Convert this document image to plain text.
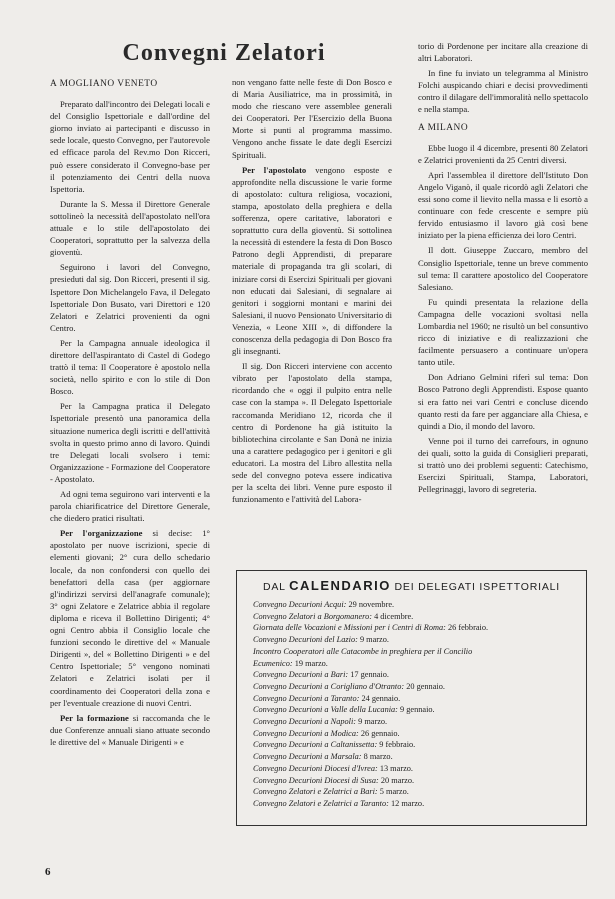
Convegni Zelatori
A MOGLIANO VENETO

Preparato dall'incontro dei Delegati locali e del Consiglio Ispettoriale e dall'ordine del giorno inviato ai partecipanti e discusso in sede locale, questo Convegno, per l'autorevole ed efficace parola del Rev.mo Don Ricceri, può essere considerato il Convegno-base per il potenziamento dei Centri della nuova Ispettoria.

Durante la S. Messa il Direttore Generale sottolineò la necessità dell'apostolato nell'ora attuale e lo stile dell'apostolato dei Cooperatori, soprattutto per la salvezza della gioventù.

Seguirono i lavori del Convegno, presieduti dal sig. Don Ricceri, presenti il sig. Ispettore Don Michelangelo Fava, il Delegato Ispettoriale Don Busato, vari Direttori e 120 Zelatori e Zelatrici provenienti da ogni Centro.

Per la Campagna annuale ideologica il direttore dell'aspirantato di Castel di Godego trattò il tema: Il Cooperatore è apostolo nella società, nello spirito e con lo stile di Don Bosco.

Per la Campagna pratica il Delegato Ispettoriale presentò una panoramica della situazione numerica degli iscritti e dell'attività svolta in questo primo anno di lavoro. Quindi tre Delegati locali svolsero i temi: Organizzazione - Formazione del Cooperatore - Apostolato.

Ad ogni tema seguirono vari interventi e la parola chiarificatrice del Direttore Generale, che diedero pratici risultati.

Per l'organizzazione si decise: 1° apostolato per nuove iscrizioni, specie di elementi giovani; 2° cura dello schedario locale, da non confondersi con quello dei benefattori della casa (per aggiornare gl'indirizzi servirsi dell'anagrafe comunale); 3° ogni Zelatore e Zelatrice abbia il regolare diploma e riceva il Bollettino Dirigenti; 4° ogni Centro abbia il Consiglio locale che funzioni secondo le direttive del « Manuale Dirigenti », del « Bollettino Dirigenti » e del Centro Ispettoriale; 5° vengono nominati Zelatori e Zelatrici isolati per il coordinamento dei Cooperatori della zona e per l'eventuale creazione di nuovi Centri.

Per la formazione si raccomanda che le due Conferenze annuali siano attuate secondo le direttive del « Manuale Dirigenti » e

non vengano fatte nelle feste di Don Bosco e di Maria Ausiliatrice, ma in prossimità, in modo che riescano vere assemblee generali dei Cooperatori. Per l'Esercizio della Buona Morte si punti al programma massimo. Vengono anche fissate le date degli Esercizi Spirituali.

Per l'apostolato vengono esposte e approfondite nella discussione le varie forme di apostolato: cultura religiosa, vocazioni, stampa, apostolato della preghiera e della sofferenza, opere caritative, laboratori e soprattutto cura della gioventù. Si sottolinea la necessità di estendere la festa di Don Bosco Patrono degli Apprendisti, di preparare materiale di propaganda tra gli scolari, di iniziare corsi di Esercizi Spirituali per giovani non educati dai Salesiani, di segnalare ai genitori i soggiorni montani e marini dei Salesiani, il nuovo Pensionato Universitario di Venezia, « Leone XIII », di diffondere la conoscenza della pedagogia di Don Bosco fra gli insegnanti.

Il sig. Don Ricceri interviene con accento vibrato per l'apostolato della stampa, ricordando che « oggi il pulpito entra nelle case con la stampa ». Il Delegato Ispettoriale raccomanda Meridiano 12, ricorda che il centro di Pordenone ha già istituito la bibliotechina circolante e San Donà ne inizia una a carattere pedagogico per i genitori e gli educatori. La mostra del Libro allestita nella sede del convegno poteva essere indicativa per la scelta dei libri. Venne pure esposto il funzionamento e l'attività del Labora-

torio di Pordenone per incitare alla creazione di altri Laboratori.

In fine fu inviato un telegramma al Ministro Folchi auspicando chiari e decisi provvedimenti contro il dilagare dell'immoralità nello spettacolo e nella stampa.

A MILANO

Ebbe luogo il 4 dicembre, presenti 80 Zelatori e Zelatrici provenienti da 25 Centri diversi.

Aprì l'assemblea il direttore dell'Istituto Don Angelo Viganò, il quale ricordò agli Zelatori che essi sono come il lievito nella massa e li esortò a continuare con fede crescente e sempre più fervido entusiasmo il lavoro già così bene iniziato per la piena efficienza dei loro Centri.

Il dott. Giuseppe Zuccaro, membro del Consiglio Ispettoriale, tenne un breve commento sul tema: Il carattere apostolico del Cooperatore Salesiano.

Fu quindi presentata la relazione della Campagna delle vocazioni svoltasi nella Lombardia nel 1960; ne risultò un bel consuntivo ricco di iniziative e di realizzazioni che facilmente persuasero a continuare un'opera tanto utile.

Don Adriano Gelmini riferì sul tema: Don Bosco Patrono degli Apprendisti. Espose quanto si era fatto nei vari Centri e concluse dicendo quanto resti da fare per agganciare alla Chiesa, e quindi a Dio, il mondo del lavoro.

Venne poi il turno dei carrefours, in ognuno dei quali, sotto la guida di Consiglieri preparati, si trattò uno dei problemi seguenti: Catechismo, Esercizi Spirituali, Stampa, Laboratori, Pellegrinaggi, lavoro di segreteria.

DAL CALENDARIO DEI DELEGATI ISPETTORIALI
Convegno Decurioni Acqui: 29 novembre.
Convegno Zelatori a Borgomanero: 4 dicembre.
Giornata delle Vocazioni e Missioni per i Centri di Roma: 26 febbraio.
Convegno Decurioni del Lazio: 9 marzo.
Incontro Cooperatori alle Catacombe in preghiera per il Concilio
Ecumenico: 19 marzo.
Convegno Decurioni a Bari: 17 gennaio.
Convegno Decurioni a Corigliano d'Otranto: 20 gennaio.
Convegno Decurioni a Taranto: 24 gennaio.
Convegno Decurioni a Valle della Lucania: 9 gennaio.
Convegno Decurioni a Napoli: 9 marzo.
Convegno Decurioni a Modica: 26 gennaio.
Convegno Decurioni a Caltanissetta: 9 febbraio.
Convegno Decurioni a Marsala: 8 marzo.
Convegno Decurioni Diocesi d'Ivrea: 13 marzo.
Convegno Decurioni Diocesi di Susa: 20 marzo.
Convegno Zelatori e Zelatrici a Bari: 5 marzo.
Convegno Zelatori e Zelatrici a Taranto: 12 marzo.
6
